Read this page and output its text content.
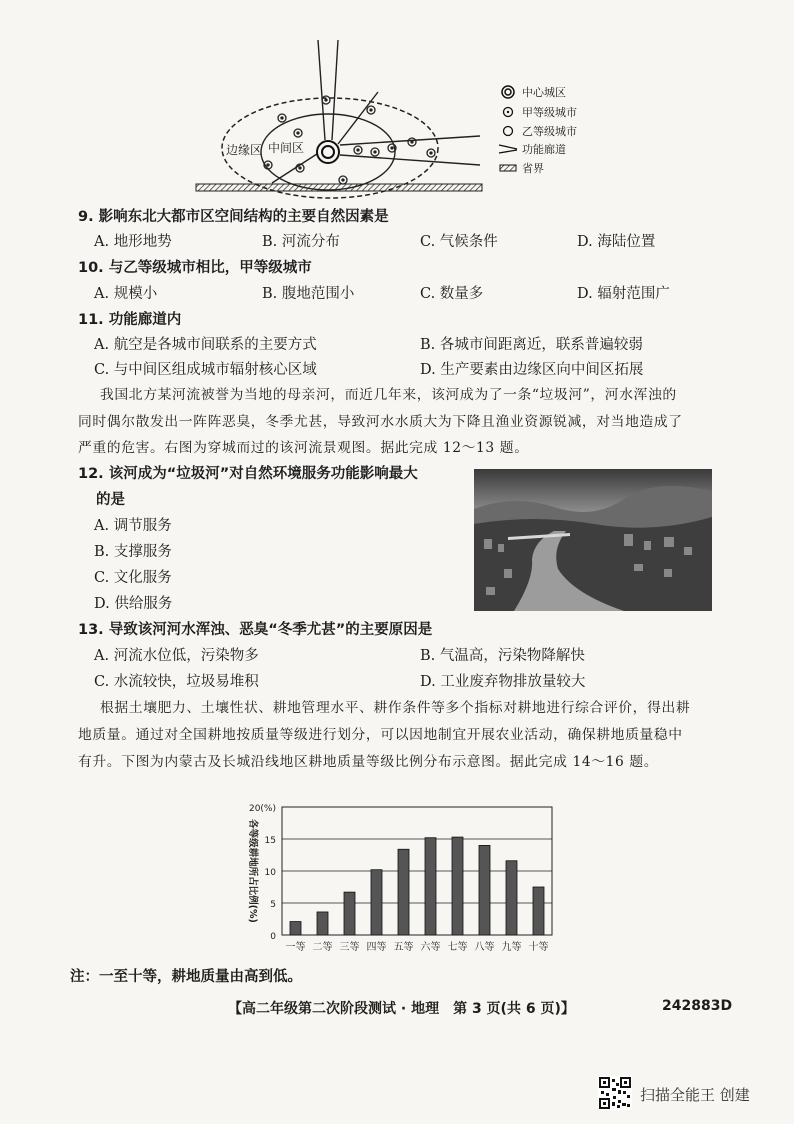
边缘区 中间区
中心城区
甲等级城市
乙等级城市
功能廊道
省界
9. 影响东北大都市区空间结构的主要自然因素是
A. 地形地势	B. 河流分布	C. 气候条件	D. 海陆位置
10. 与乙等级城市相比，甲等级城市
A. 规模小	B. 腹地范围小	C. 数量多	D. 辐射范围广
11. 功能廊道内
A. 航空是各城市间联系的主要方式	B. 各城市间距离近，联系普遍较弱
C. 与中间区组成城市辐射核心区域	D. 生产要素由边缘区向中间区拓展
我国北方某河流被誉为当地的母亲河，而近几年来，该河成为了一条“垃圾河”，河水浑浊的
同时偶尔散发出一阵阵恶臭，冬季尤甚，导致河水水质大为下降且渔业资源锐减，对当地造成了
严重的危害。右图为穿城而过的该河流景观图。据此完成 12～13 题。
12. 该河成为“垃圾河”对自然环境服务功能影响最大
的是
A. 调节服务
B. 支撑服务
C. 文化服务
D. 供给服务
13. 导致该河河水浑浊、恶臭“冬季尤甚”的主要原因是
A. 河流水位低，污染物多	B. 气温高，污染物降解快
C. 水流较快，垃圾易堆积	D. 工业废弃物排放量较大
根据土壤肥力、土壤性状、耕地管理水平、耕作条件等多个指标对耕地进行综合评价，得出耕
地质量。通过对全国耕地按质量等级进行划分，可以因地制宜开展农业活动，确保耕地质量稳中
有升。下图为内蒙古及长城沿线地区耕地质量等级比例分布示意图。据此完成 14～16 题。
0
5
10
15
20(%)
一等 二等 三等 四等 五等 六等 七等 八等 九等 十等
各等级耕地所占比例(%)
注：一至十等，耕地质量由高到低。
【高二年级第二次阶段测试 · 地理　第 3 页(共 6 页)】	242883D
扫描全能王 创建
